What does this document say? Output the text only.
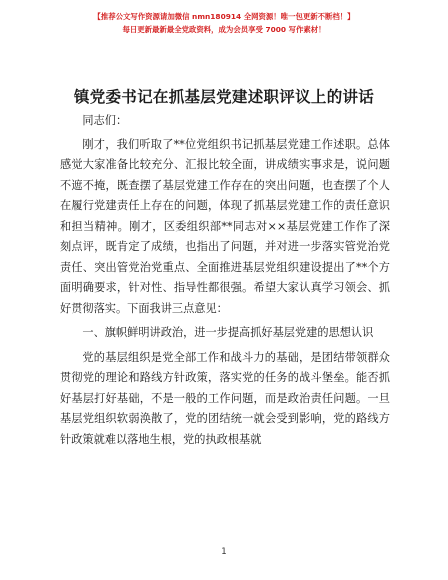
【推荐公文写作资源请加微信 nmn180914 全网资源！唯一包更新不断档！】
每日更新最新最全党政资料，成为会员享受 7000 写作素材！
镇党委书记在抓基层党建述职评议上的讲话

同志们：

刚才，我们听取了**位党组织书记抓基层党建工作述职。总体感觉大家准备比较充分、汇报比较全面，讲成绩实事求是，说问题不遮不掩，既查摆了基层党建工作存在的突出问题，也查摆了个人在履行党建责任上存在的问题，体现了抓基层党建工作的责任意识和担当精神。刚才，区委组织部**同志对××基层党建工作作了深刻点评，既肯定了成绩，也指出了问题，并对进一步落实管党治党责任、突出管党治党重点、全面推进基层党组织建设提出了**个方面明确要求，针对性、指导性都很强。希望大家认真学习领会、抓好贯彻落实。下面我讲三点意见：

一、旗帜鲜明讲政治，进一步提高抓好基层党建的思想认识

党的基层组织是党全部工作和战斗力的基础，是团结带领群众贯彻党的理论和路线方针政策，落实党的任务的战斗堡垒。能否抓好基层打好基础，不是一般的工作问题，而是政治责任问题。一旦基层党组织软弱涣散了，党的团结统一就会受到影响，党的路线方针政策就难以落地生根，党的执政根基就

1
